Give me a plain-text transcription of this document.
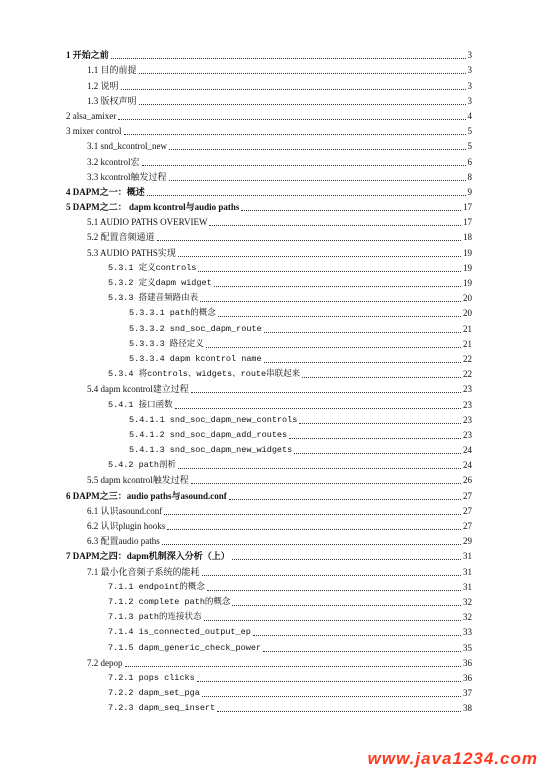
1 开始之前	3
1.1 目的前提	3
1.2 说明	3
1.3 版权声明	3
2 alsa_amixer	4
3 mixer control	5
3.1 snd_kcontrol_new	5
3.2 kcontrol宏	6
3.3 kcontrol触发过程	8
4 DAPM之一：概述	9
5 DAPM之二： dapm kcontrol与audio paths	17
5.1 AUDIO PATHS OVERVIEW	17
5.2 配置音频通道	18
5.3 AUDIO PATHS实现	19
5.3.1 定义controls	19
5.3.2 定义dapm widget	19
5.3.3 搭建音频路由表	20
5.3.3.1 path的概念	20
5.3.3.2 snd_soc_dapm_route	21
5.3.3.3 路径定义	21
5.3.3.4 dapm kcontrol name	22
5.3.4 将controls、widgets、route串联起来	22
5.4 dapm kcontrol建立过程	23
5.4.1 接口函数	23
5.4.1.1 snd_soc_dapm_new_controls	23
5.4.1.2 snd_soc_dapm_add_routes	23
5.4.1.3 snd_soc_dapm_new_widgets	24
5.4.2 path剖析	24
5.5 dapm kcontrol触发过程	26
6 DAPM之三：audio paths与asound.conf	27
6.1 认识asound.conf	27
6.2 认识plugin hooks	27
6.3 配置audio paths	29
7 DAPM之四：dapm机制深入分析（上）	31
7.1 最小化音频子系统的能耗	31
7.1.1 endpoint的概念	31
7.1.2 complete path的概念	32
7.1.3 path的连接状态	32
7.1.4 is_connected_output_ep	33
7.1.5 dapm_generic_check_power	35
7.2 depop	36
7.2.1 pops clicks	36
7.2.2 dapm_set_pga	37
7.2.3 dapm_seq_insert	38
www.java1234.com
